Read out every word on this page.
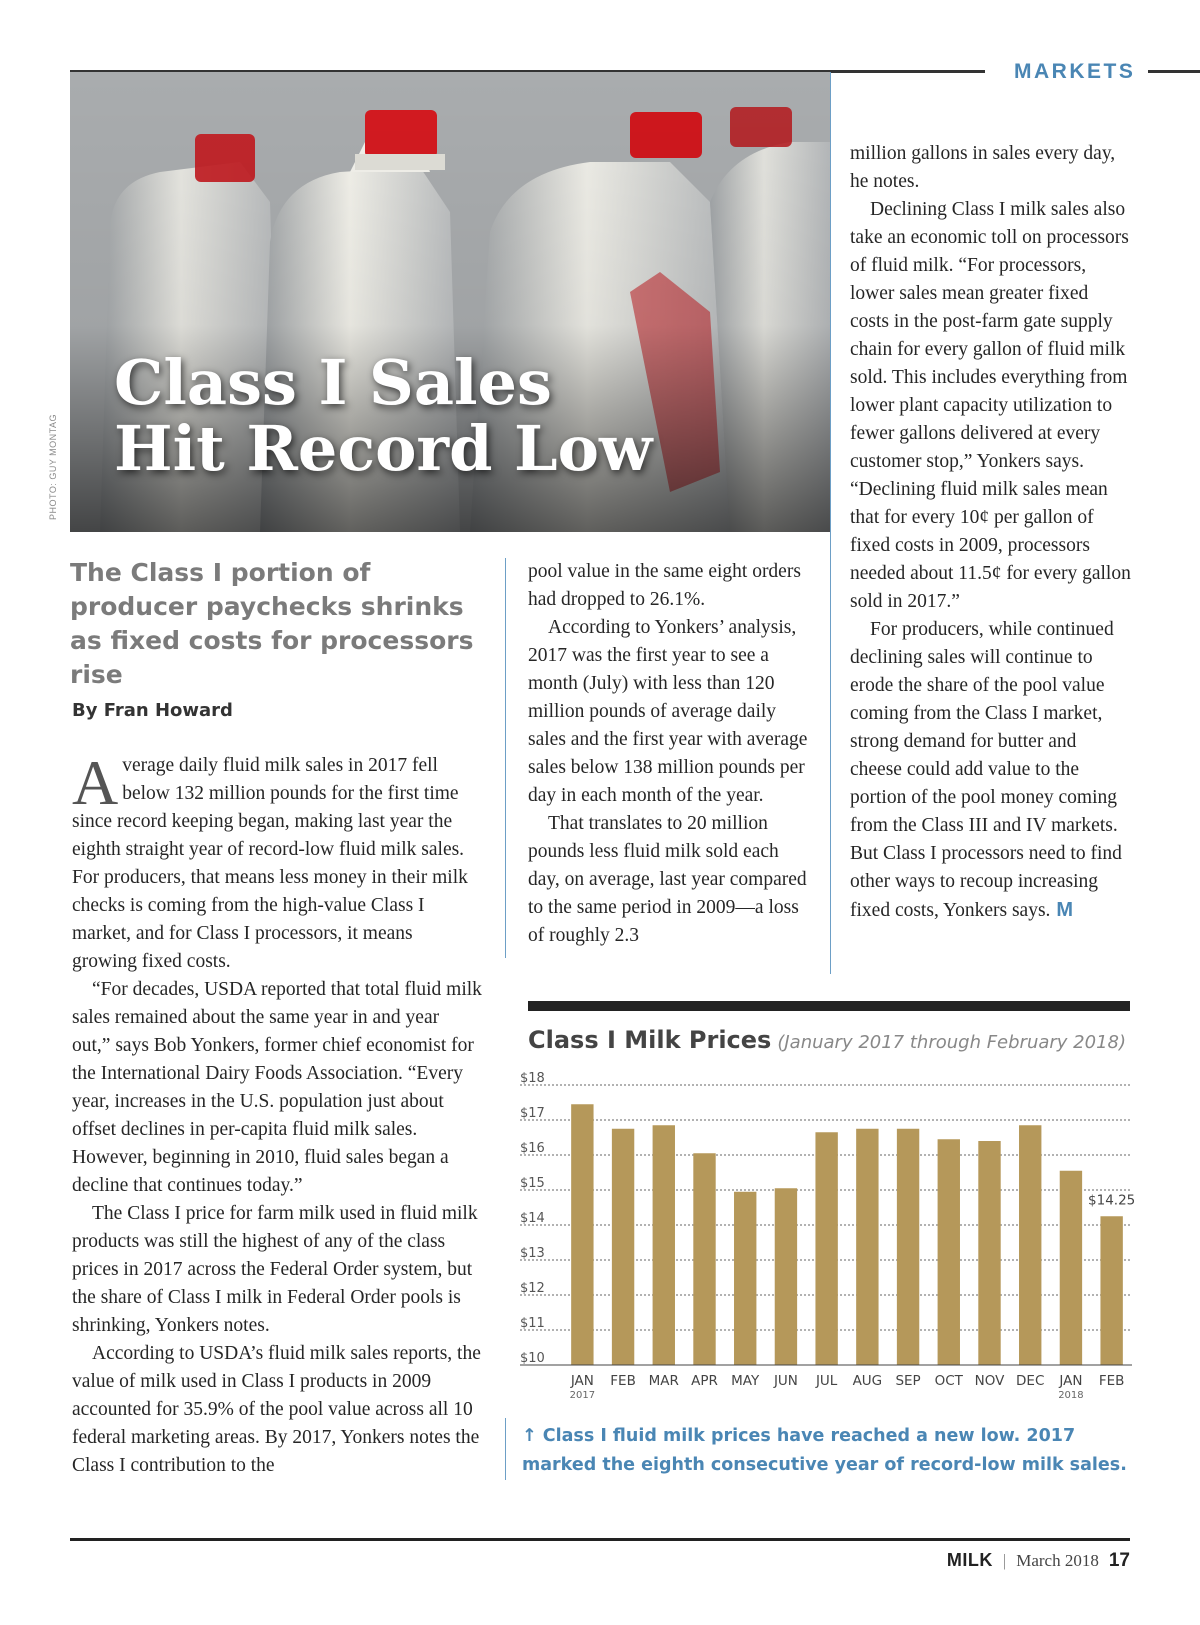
MARKETS
Class I Sales
Hit Record Low
PHOTO: GUY MONTAG

The Class I portion of producer paychecks shrinks as fixed costs for processors rise

By Fran Howard

Average daily fluid milk sales in 2017 fell below 132 million pounds for the first time since record keeping began, making last year the eighth straight year of record-low fluid milk sales. For producers, that means less money in their milk checks is coming from the high-value Class I market, and for Class I processors, it means growing fixed costs.

“For decades, USDA reported that total fluid milk sales remained about the same year in and year out,” says Bob Yonkers, former chief economist for the International Dairy Foods Association. “Every year, increases in the U.S. population just about offset declines in per-capita fluid milk sales. However, beginning in 2010, fluid sales began a decline that continues today.”

The Class I price for farm milk used in fluid milk products was still the highest of any of the class prices in 2017 across the Federal Order system, but the share of Class I milk in Federal Order pools is shrinking, Yonkers notes.

According to USDA’s fluid milk sales reports, the value of milk used in Class I products in 2009 accounted for 35.9% of the pool value across all 10 federal marketing areas. By 2017, Yonkers notes the Class I contribution to the

pool value in the same eight orders had dropped to 26.1%.

According to Yonkers’ analysis, 2017 was the first year to see a month (July) with less than 120 million pounds of average daily sales and the first year with average sales below 138 million pounds per day in each month of the year.

That translates to 20 million pounds less fluid milk sold each day, on average, last year compared to the same period in 2009—a loss of roughly 2.3

million gallons in sales every day, he notes.

Declining Class I milk sales also take an economic toll on processors of fluid milk. “For processors, lower sales mean greater fixed costs in the post-farm gate supply chain for every gallon of fluid milk sold. This includes everything from lower plant capacity utilization to fewer gallons delivered at every customer stop,” Yonkers says. “Declining fluid milk sales mean that for every 10¢ per gallon of fixed costs in 2009, processors needed about 11.5¢ for every gallon sold in 2017.”

For producers, while continued declining sales will continue to erode the share of the pool value coming from the Class I market, strong demand for butter and cheese could add value to the portion of the pool money coming from the Class III and IV markets. But Class I processors need to find other ways to recoup increasing fixed costs, Yonkers says. M

Class I Milk Prices (January 2017 through February 2018)
$10
$11
$12
$13
$14
$15
$16
$17
$18
JAN
2017
FEB MAR APR MAY JUN JUL AUG SEP OCT NOV DEC JAN
2018
FEB
$14.25

↑ Class I fluid milk prices have reached a new low. 2017 marked the eighth consecutive year of record-low milk sales.

MILK | March 2018 17
